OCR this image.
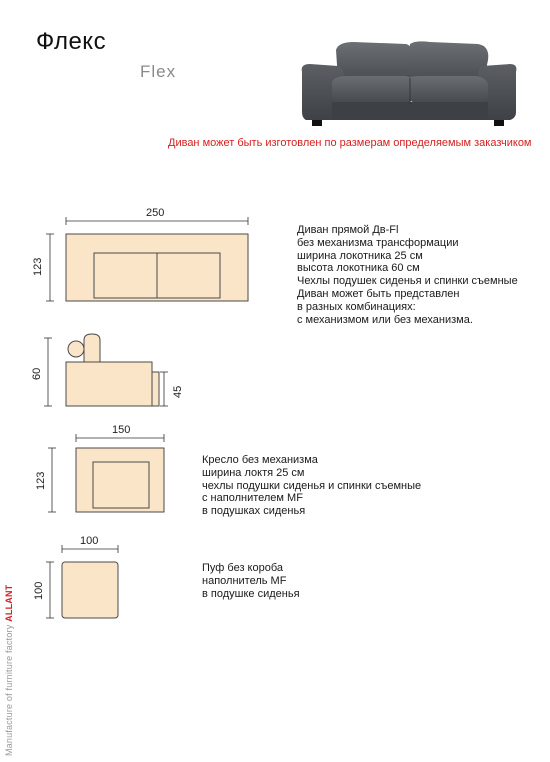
Флекс
Flex
Диван может быть изготовлен по размерам определяемым заказчиком
250
123
Диван прямой Дв-Fl
без механизма трансформации
ширина локотника 25 см
высота локотника 60 см
Чехлы подушек сиденья и спинки съемные
Диван может быть представлен
в разных комбинациях:
с механизмом или без механизма.
60
45
150
123
Кресло без механизма
ширина локтя 25 см
чехлы подушки сиденья и спинки съемные
с наполнителем MF
в подушках сиденья
100
100
Пуф без короба
наполнитель MF
в подушке сиденья
Manufacture of furniture factory ALLANT
